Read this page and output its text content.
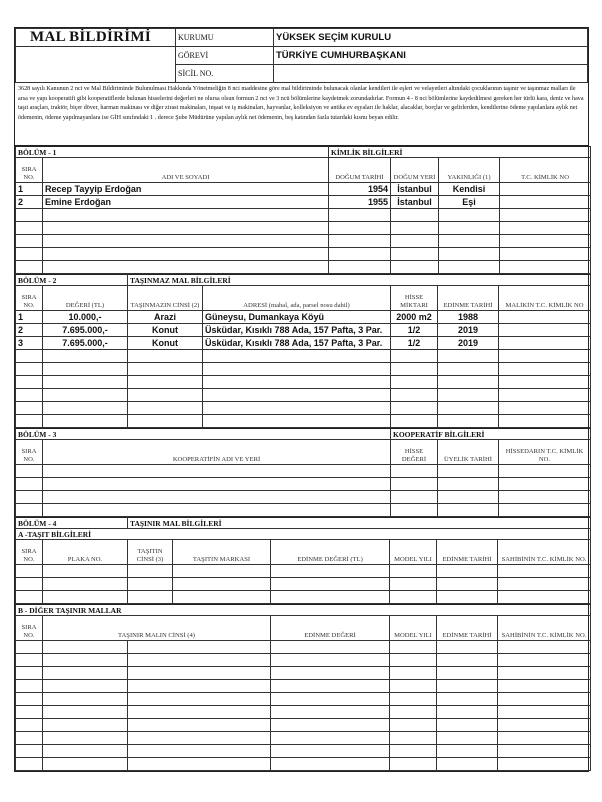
MAL BİLDİRİMİ	KURUMU	YÜKSEK SEÇİM KURULU
	GÖREVİ	TÜRKİYE CUMHURBAŞKANI
	SİCİL NO.	
3628 sayılı Kanunun 2 nci ve Mal Bildiriminde Bulunulması Hakkında Yönetmeliğin 8 nci maddesine göre mal bildiriminde bulunacak olanlar kendileri ile eşleri ve velayetleri altındaki çocuklarının taşınır ve taşınmaz malları ile arsa ve yapı kooperatifi gibi kooperatiflerde bulunan hisselerini değerleri ne olursa olsun formun 2 nci ve 3 ncü bölümlerine kaydetmek zorundadırlar. Formun 4 - 8 nci bölümlerine kaydedilmesi gereken her türlü kara, deniz ve hava taşıt araçları, traktör, biçer döver, harman makinası ve diğer zirast makinaları, inşaat ve iş makinaları, hayvanlar, kolleksiyon ve antika ev eşyaları ile haklar, alacaklar, borçlar ve gelirlerden, kendilerine ödeme yapılanlara aylık net ödemenin, ödeme yapılmayanlara ise GİH sınıfındaki 1 . derece Şube Müdürüne yapılan aylık net ödemenin, beş katından fazla tutardaki kısmı beyan edilir.
BÖLÜM - 1		KİMLİK BİLGİLERİ			
SIRA NO.	ADI VE SOYADI	DOĞUM TARİHİ	DOĞUM YERİ	YAKINLIĞI (1)	T.C. KİMLİK NO
1	Recep Tayyip Erdoğan	1954	İstanbul	Kendisi	
2	Emine Erdoğan	1955	İstanbul	Eşi	

BÖLÜM - 2		TAŞINMAZ MAL BİLGİLERİ				
SIRA NO.	DEĞERİ (TL)	TAŞINMAZIN CİNSİ (2)	ADRESİ (mahal, ada, parsel nosu dahil)	HİSSE MİKTARI	EDİNME TARİHİ	MALİKİN T.C. KİMLİK NO
1	10.000,-	Arazi	Güneysu, Dumankaya Köyü	2000 m2	1988	
2	7.695.000,-	Konut	Üsküdar, Kısıklı 788 Ada, 157 Pafta, 3 Par.	1/2	2019	
3	7.695.000,-	Konut	Üsküdar, Kısıklı 788 Ada, 157 Pafta, 3 Par.	1/2	2019	

BÖLÜM - 3		KOOPERATİF BİLGİLERİ		
SIRA NO.	KOOPERATİFİN ADI VE YERİ	HİSSE DEĞERİ	ÜYELİK TARİHİ	HİSSEDARIN T.C. KİMLİK NO.

BÖLÜM - 4		TAŞINIR MAL BİLGİLERİ					
A -TAŞIT BİLGİLERİ							
SIRA NO.	PLAKA NO.	TAŞITIN CİNSİ (3)	TAŞITIN MARKASI	EDİNME DEĞERİ (TL)	MODEL YILI	EDİNME TARİHİ	SAHİBİNİN T.C. KİMLİK NO.

B - DİĞER TAŞINIR MALLAR						
SIRA NO.	TAŞINIR MALIN CİNSİ (4)		EDİNME DEĞERİ	MODEL YILI	EDİNME TARİHİ	SAHİBİNİN T.C. KİMLİK NO.
